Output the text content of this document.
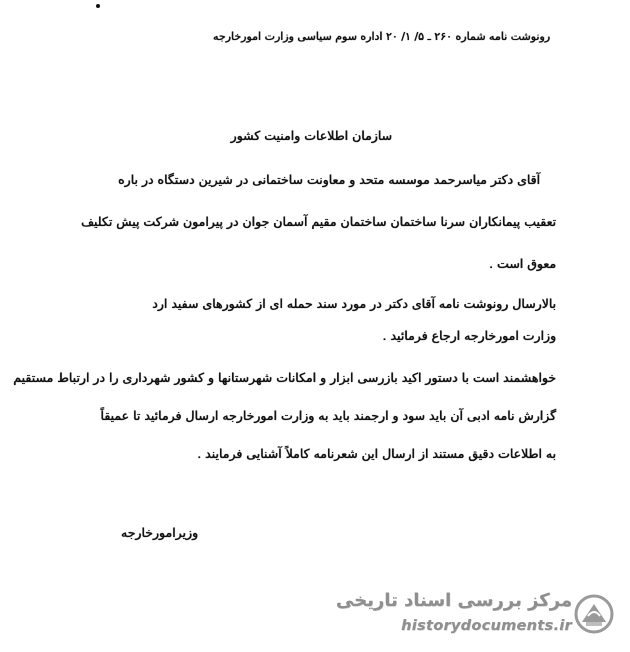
رونوشت نامه شماره ۲۶۰ ـ ۵/ ۱/ ۲۰ اداره سوم سیاسی وزارت امورخارجه
سازمان اطلاعات وامنیت کشور
آقای دکتر میاسرحمد موسسه متحد و معاونت ساختمانی در شیرین دستگاه در باره
تعقیب پیمانکاران سرنا ساختمان ساختمان مقیم آسمان جوان در پیرامون شرکت پیش تکلیف
معوق است .
بالارسال رونوشت نامه آقای دکتر در مورد سند حمله ای از کشورهای سفید ارد
وزارت امورخارجه ارجاع فرمائید .
خواهشمند است با دستور اکید بازرسی ابزار و امکانات شهرستانها و کشور شهرداری را در ارتباط مستقیم
گزارش نامه ادبی آن باید سود و ارجمند باید به وزارت امورخارجه ارسال فرمائید تا عمیقاً
به اطلاعات دقیق مستند از ارسال این شعرنامه کاملاً آشنایی فرمایند .
وزیرامورخارجه
مرکز بررسی اسناد تاریخی
historydocuments.ir
